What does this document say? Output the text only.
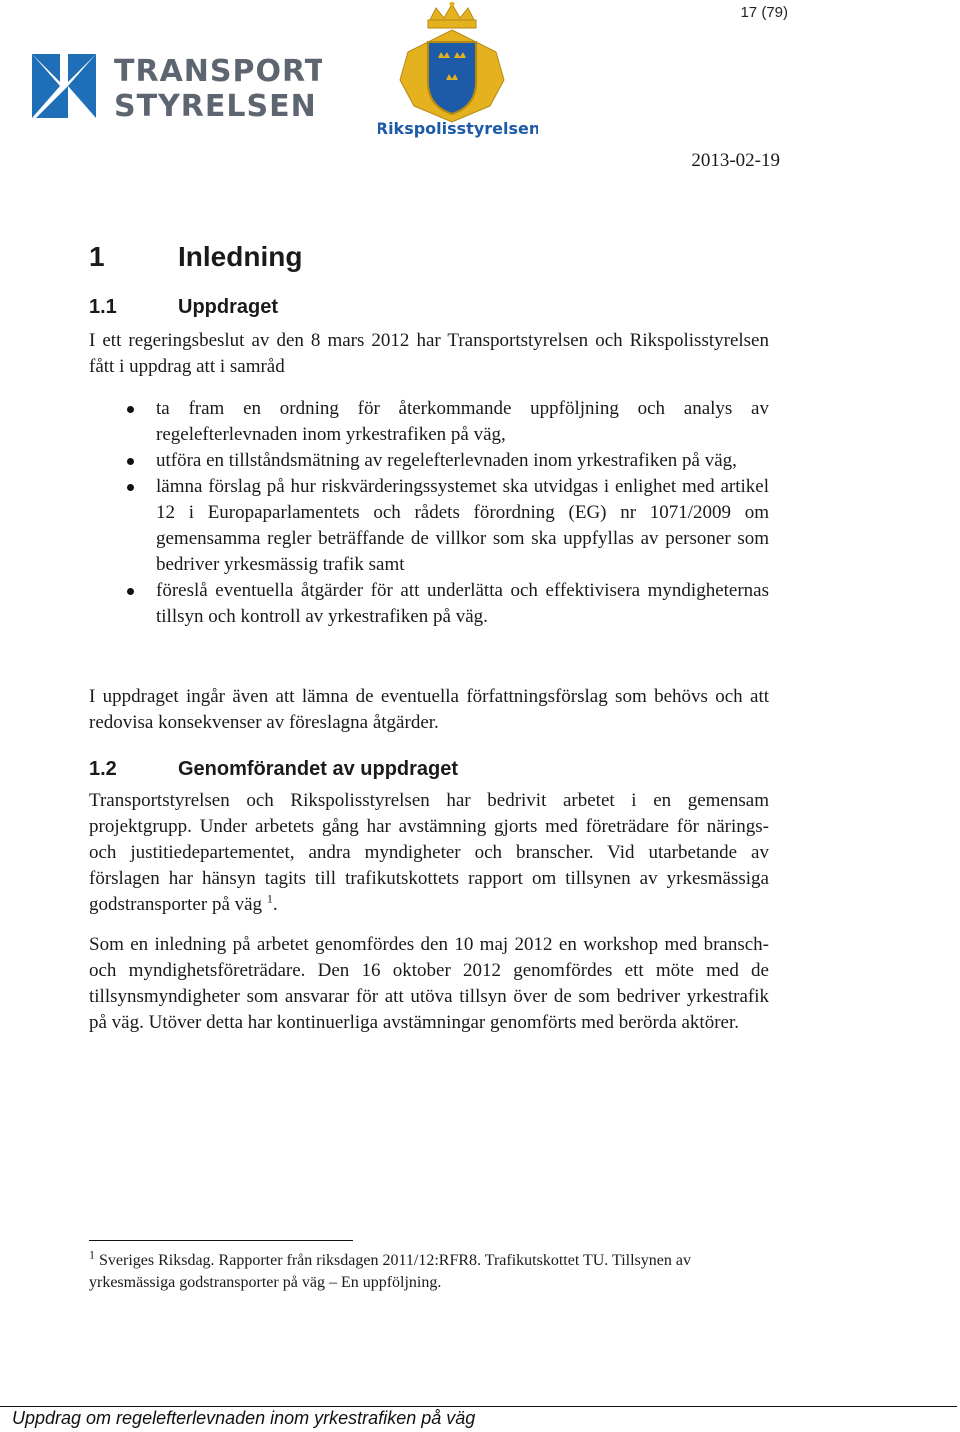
17 (79)
TRANSPORT
STYRELSEN
Rikspolisstyrelsen
2013-02-19
1	Inledning
1.1	Uppdraget

I ett regeringsbeslut av den 8 mars 2012 har Transportstyrelsen och Rikspolisstyrelsen fått i uppdrag att i samråd

ta fram en ordning för återkommande uppföljning och analys av regelefterlevnaden inom yrkestrafiken på väg,
utföra en tillståndsmätning av regelefterlevnaden inom yrkestrafiken på väg,
lämna förslag på hur riskvärderingssystemet ska utvidgas i enlighet med artikel 12 i Europaparlamentets och rådets förordning (EG) nr 1071/2009 om gemensamma regler beträffande de villkor som ska uppfyllas av personer som bedriver yrkesmässig trafik samt
föreslå eventuella åtgärder för att underlätta och effektivisera myndigheternas tillsyn och kontroll av yrkestrafiken på väg.

I uppdraget ingår även att lämna de eventuella författningsförslag som behövs och att redovisa konsekvenser av föreslagna åtgärder.

1.2	Genomförandet av uppdraget

Transportstyrelsen och Rikspolisstyrelsen har bedrivit arbetet i en gemensam projektgrupp. Under arbetets gång har avstämning gjorts med företrädare för närings- och justitiedepartementet, andra myndigheter och branscher. Vid utarbetande av förslagen har hänsyn tagits till trafikutskottets rapport om tillsynen av yrkesmässiga godstransporter på väg $^1$.

Som en inledning på arbetet genomfördes den 10 maj 2012 en workshop med bransch- och myndighetsföreträdare. Den 16 oktober 2012 genomfördes ett möte med de tillsynsmyndigheter som ansvarar för att utöva tillsyn över de som bedriver yrkestrafik på väg. Utöver detta har kontinuerliga avstämningar genomförts med berörda aktörer.

$^1$ Sveriges Riksdag. Rapporter från riksdagen 2011/12:RFR8. Trafikutskottet TU. Tillsynen av yrkesmässiga godstransporter på väg – En uppföljning.

Uppdrag om regelefterlevnaden inom yrkestrafiken på väg
